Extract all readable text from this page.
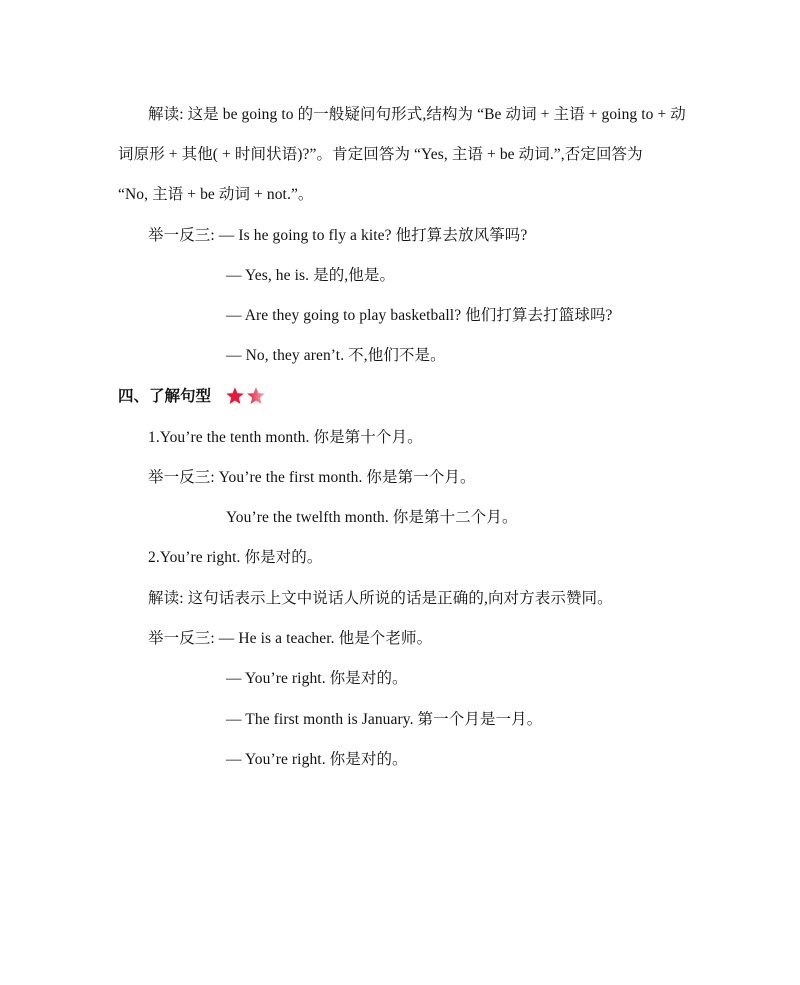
解读: 这是 be going to 的一般疑问句形式,结构为 “Be 动词 + 主语 + going to + 动
词原形 + 其他( + 时间状语)?”。肯定回答为 “Yes, 主语 + be 动词.”,否定回答为
“No, 主语 + be 动词 + not.”。
举一反三: — Is he going to fly a kite? 他打算去放风筝吗?
— Yes, he is. 是的,他是。
— Are they going to play basketball? 他们打算去打篮球吗?
— No, they aren’t. 不,他们不是。
四、了解句型
1.You’re the tenth month. 你是第十个月。
举一反三: You’re the first month. 你是第一个月。
You’re the twelfth month. 你是第十二个月。
2.You’re right. 你是对的。
解读: 这句话表示上文中说话人所说的话是正确的,向对方表示赞同。
举一反三: — He is a teacher. 他是个老师。
— You’re right. 你是对的。
— The first month is January. 第一个月是一月。
— You’re right. 你是对的。
